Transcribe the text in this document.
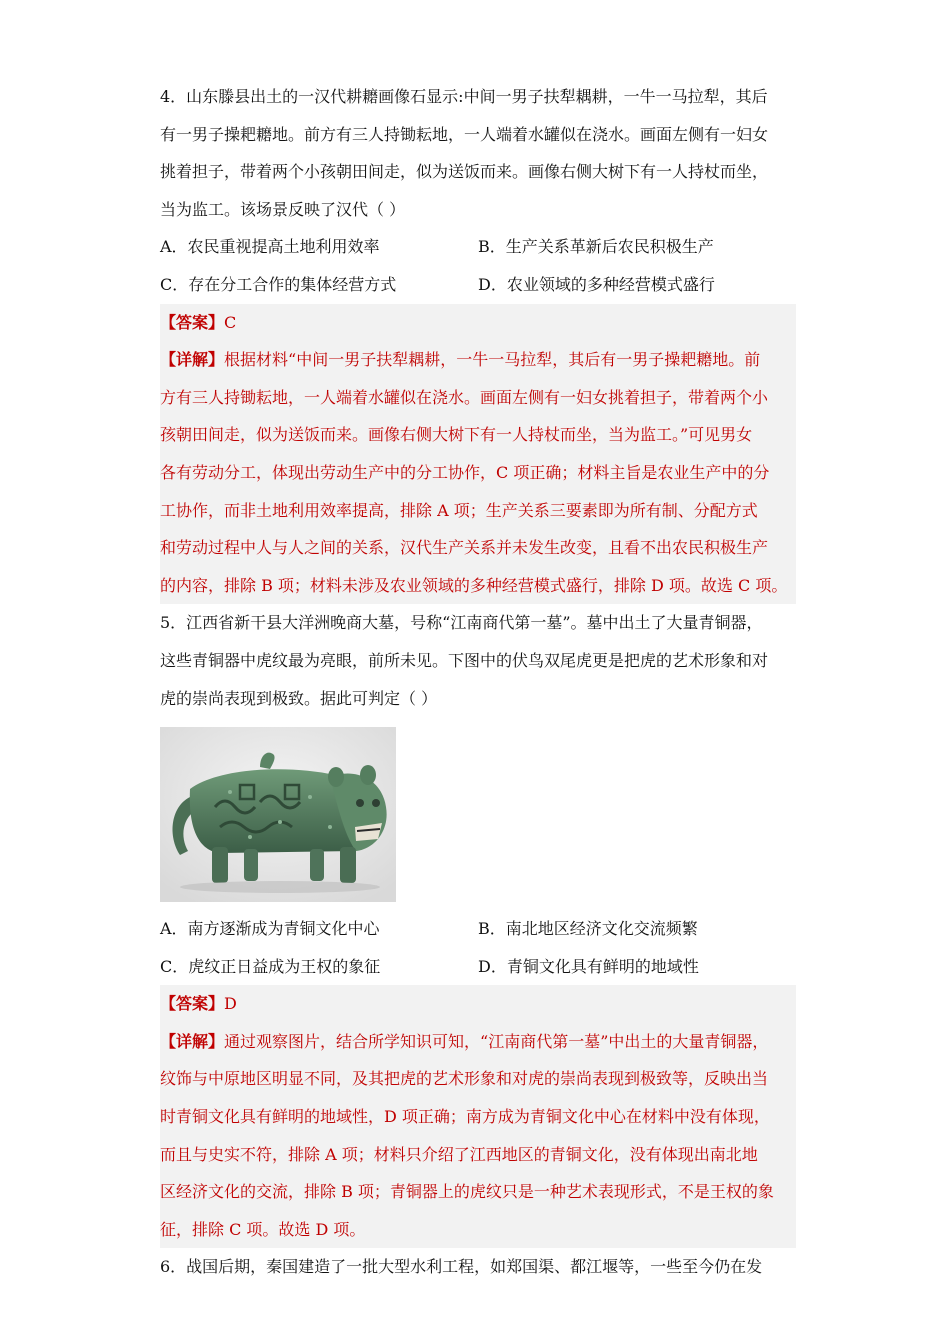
4．山东滕县出土的一汉代耕耱画像石显示:中间一男子扶犁耦耕，一牛一马拉犁，其后
有一男子操耙耱地。前方有三人持锄耘地，一人端着水罐似在浇水。画面左侧有一妇女
挑着担子，带着两个小孩朝田间走，似为送饭而来。画像右侧大树下有一人持杖而坐，
当为监工。该场景反映了汉代（ ）
A．农民重视提高土地利用效率	B．生产关系革新后农民积极生产
C．存在分工合作的集体经营方式	D．农业领域的多种经营模式盛行
【答案】C
【详解】根据材料“中间一男子扶犁耦耕，一牛一马拉犁，其后有一男子操耙耱地。前
方有三人持锄耘地，一人端着水罐似在浇水。画面左侧有一妇女挑着担子，带着两个小
孩朝田间走，似为送饭而来。画像右侧大树下有一人持杖而坐，当为监工。”可见男女
各有劳动分工，体现出劳动生产中的分工协作，C 项正确；材料主旨是农业生产中的分
工协作，而非土地利用效率提高，排除 A 项；生产关系三要素即为所有制、分配方式
和劳动过程中人与人之间的关系，汉代生产关系并未发生改变，且看不出农民积极生产
的内容，排除 B 项；材料未涉及农业领域的多种经营模式盛行，排除 D 项。故选 C 项。
5．江西省新干县大洋洲晚商大墓，号称“江南商代第一墓”。墓中出土了大量青铜器，
这些青铜器中虎纹最为亮眼，前所未见。下图中的伏鸟双尾虎更是把虎的艺术形象和对
虎的崇尚表现到极致。据此可判定（ ）
A．南方逐渐成为青铜文化中心	B．南北地区经济文化交流频繁
C．虎纹正日益成为王权的象征	D．青铜文化具有鲜明的地域性
【答案】D
【详解】通过观察图片，结合所学知识可知，“江南商代第一墓”中出土的大量青铜器，
纹饰与中原地区明显不同，及其把虎的艺术形象和对虎的崇尚表现到极致等，反映出当
时青铜文化具有鲜明的地域性，D 项正确；南方成为青铜文化中心在材料中没有体现，
而且与史实不符，排除 A 项；材料只介绍了江西地区的青铜文化，没有体现出南北地
区经济文化的交流，排除 B 项；青铜器上的虎纹只是一种艺术表现形式，不是王权的象
征，排除 C 项。故选 D 项。
6．战国后期，秦国建造了一批大型水利工程，如郑国渠、都江堰等，一些至今仍在发
